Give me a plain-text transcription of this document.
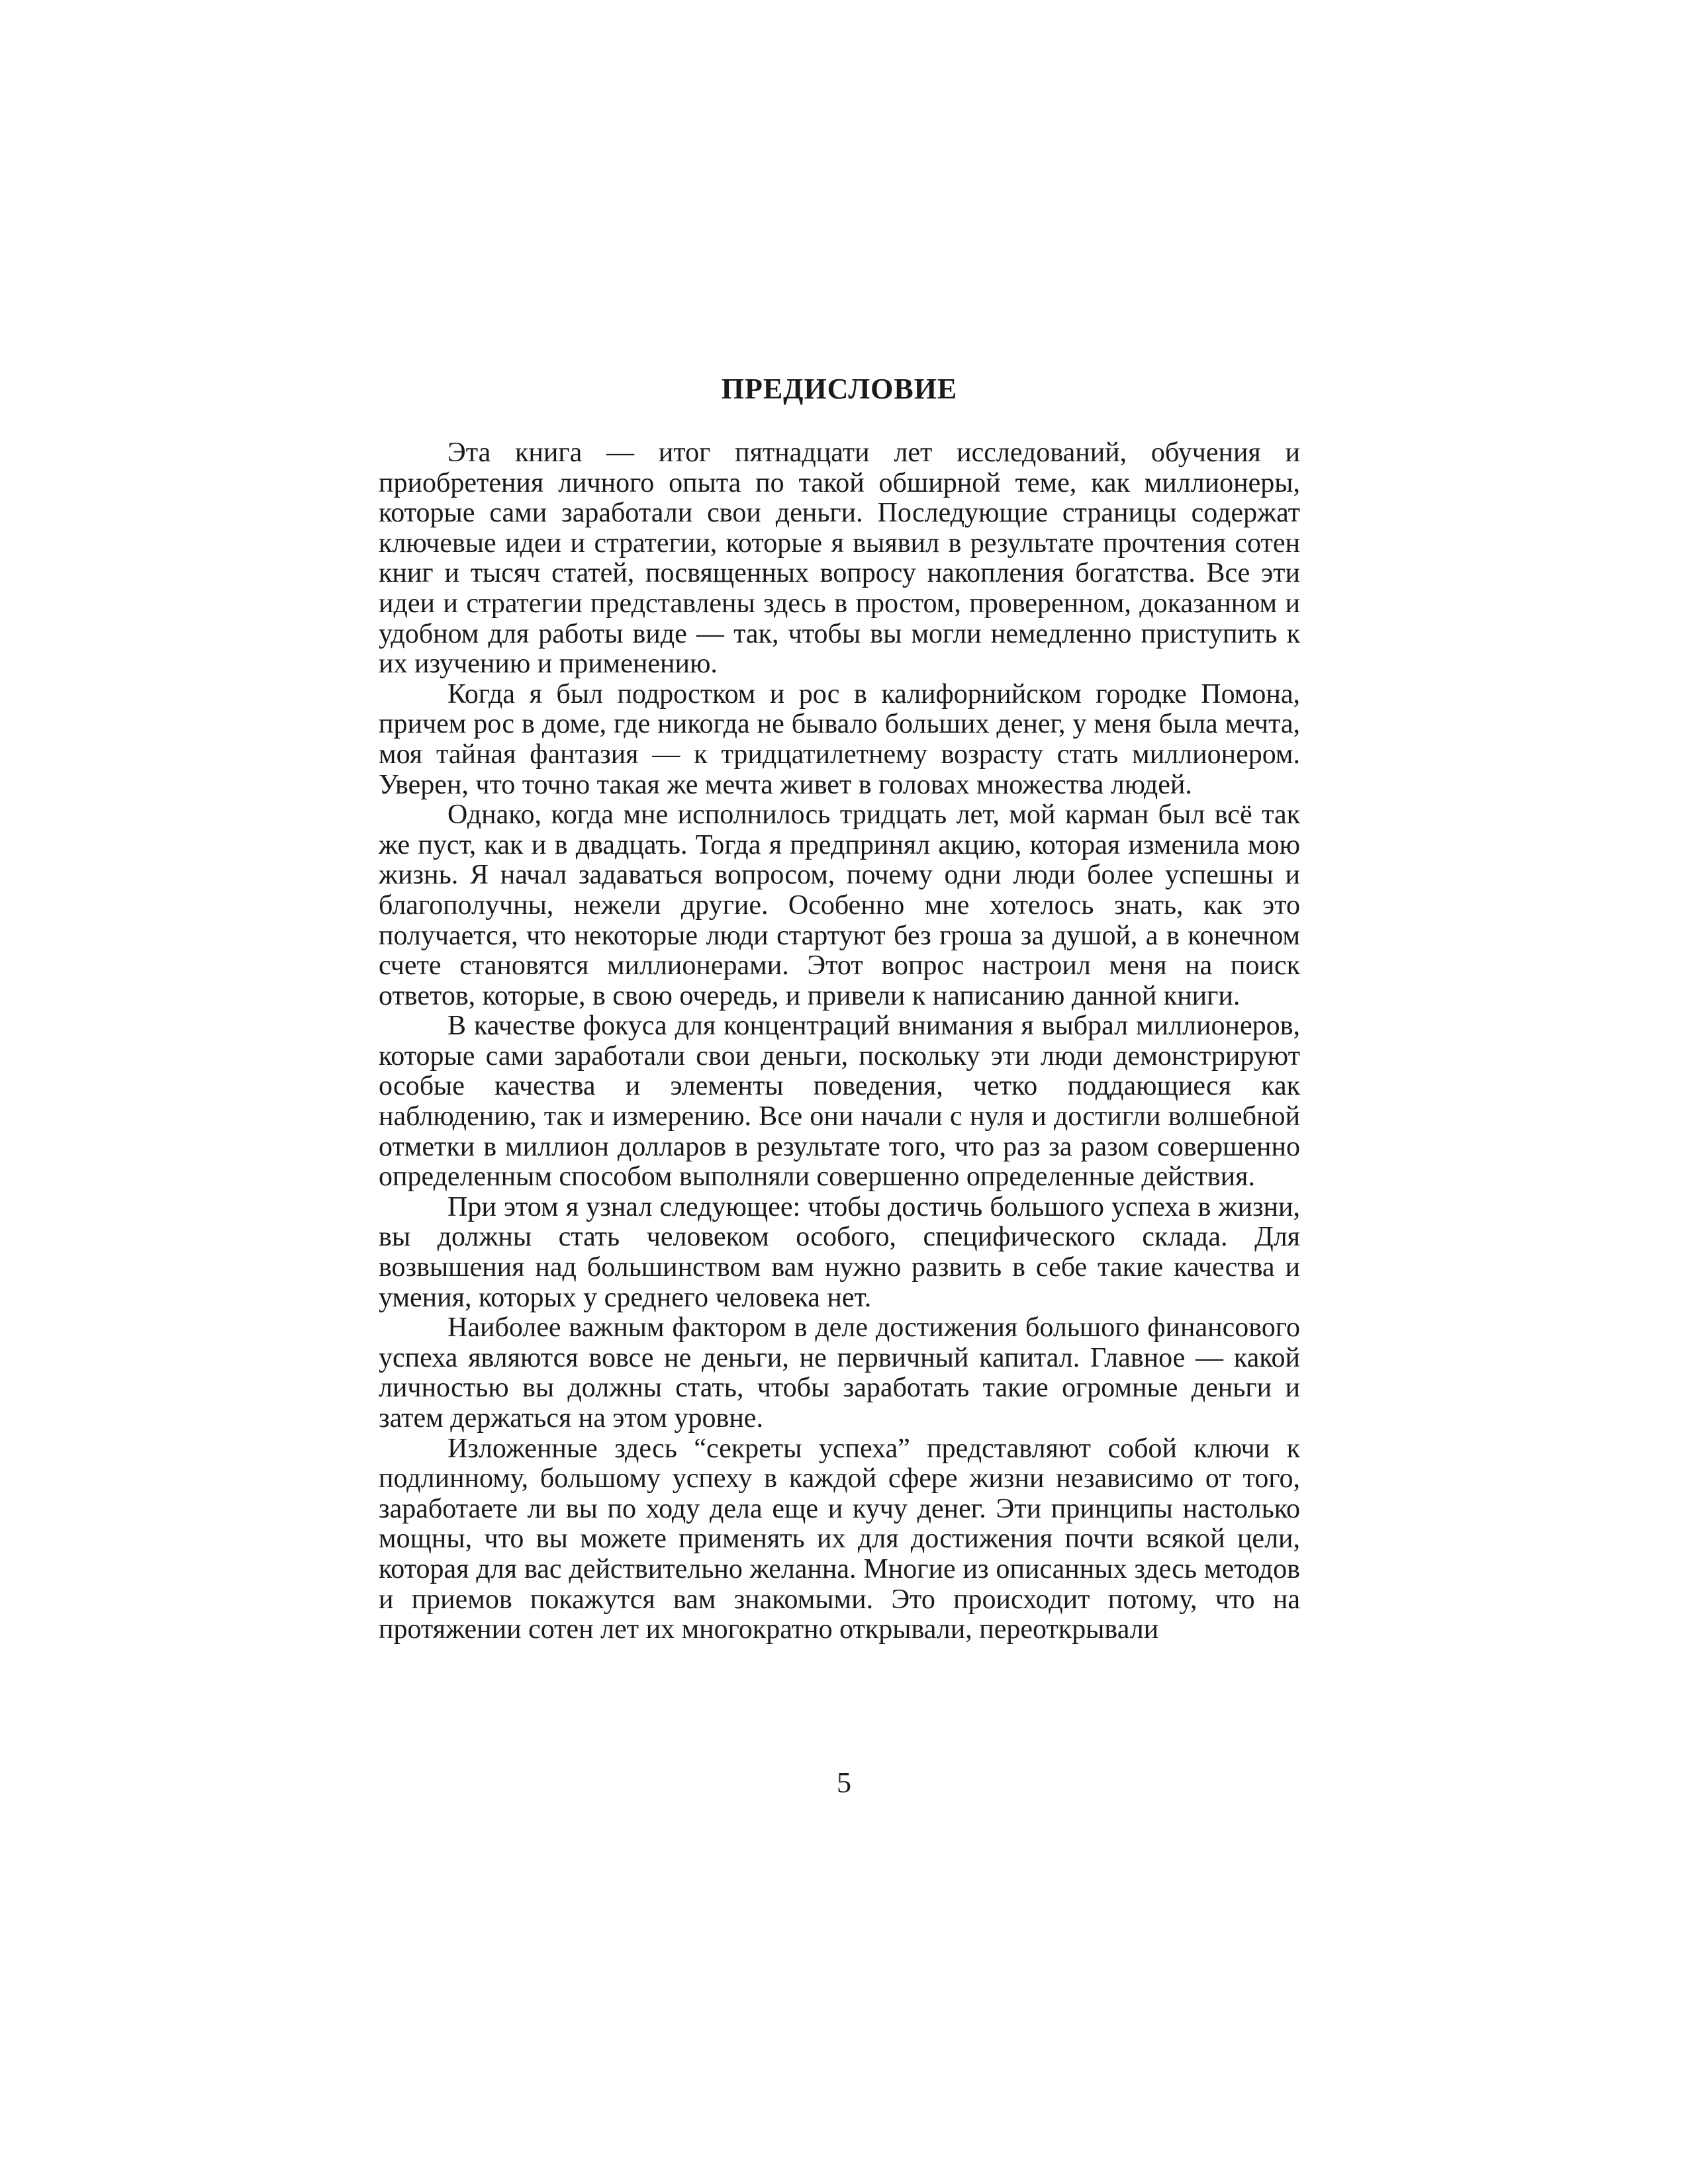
ПРЕДИСЛОВИЕ

Эта книга — итог пятнадцати лет исследований, обучения и приобретения личного опыта по такой обширной теме, как миллионеры, которые сами заработали свои деньги. Последующие страницы содержат ключевые идеи и стратегии, которые я выявил в результате прочтения сотен книг и тысяч статей, посвященных вопросу накопления богатства. Все эти идеи и стратегии представлены здесь в простом, проверенном, доказанном и удобном для работы виде — так, чтобы вы могли немедленно приступить к их изучению и применению.

Когда я был подростком и рос в калифорнийском городке Помона, причем рос в доме, где никогда не бывало больших денег, у меня была мечта, моя тайная фантазия — к тридцатилетнему возрасту стать миллионером. Уверен, что точно такая же мечта живет в головах множества людей.

Однако, когда мне исполнилось тридцать лет, мой карман был всё так же пуст, как и в двадцать. Тогда я предпринял акцию, которая изменила мою жизнь. Я начал задаваться вопросом, почему одни люди более успешны и благополучны, нежели другие. Особенно мне хотелось знать, как это получается, что некоторые люди стартуют без гроша за душой, а в конечном счете становятся миллионерами. Этот вопрос настроил меня на поиск ответов, которые, в свою очередь, и привели к написанию данной книги.

В качестве фокуса для концентраций внимания я выбрал миллионеров, которые сами заработали свои деньги, поскольку эти люди демонстрируют особые качества и элементы поведения, четко поддающиеся как наблюдению, так и измерению. Все они начали с нуля и достигли волшебной отметки в миллион долларов в результате того, что раз за разом совершенно определенным способом выполняли совершенно определенные действия.

При этом я узнал следующее: чтобы достичь большого успеха в жизни, вы должны стать человеком особого, специфического склада. Для возвышения над большинством вам нужно развить в себе такие качества и умения, которых у среднего человека нет.

Наиболее важным фактором в деле достижения большого финансового успеха являются вовсе не деньги, не первичный капитал. Главное — какой личностью вы должны стать, чтобы заработать такие огромные деньги и затем держаться на этом уровне.

Изложенные здесь “секреты успеха” представляют собой ключи к подлинному, большому успеху в каждой сфере жизни независимо от того, заработаете ли вы по ходу дела еще и кучу денег. Эти принципы настолько мощны, что вы можете применять их для достижения почти всякой цели, которая для вас действительно желанна. Многие из описанных здесь методов и приемов покажутся вам знакомыми. Это происходит потому, что на протяжении сотен лет их многократно открывали, переоткрывали

5
